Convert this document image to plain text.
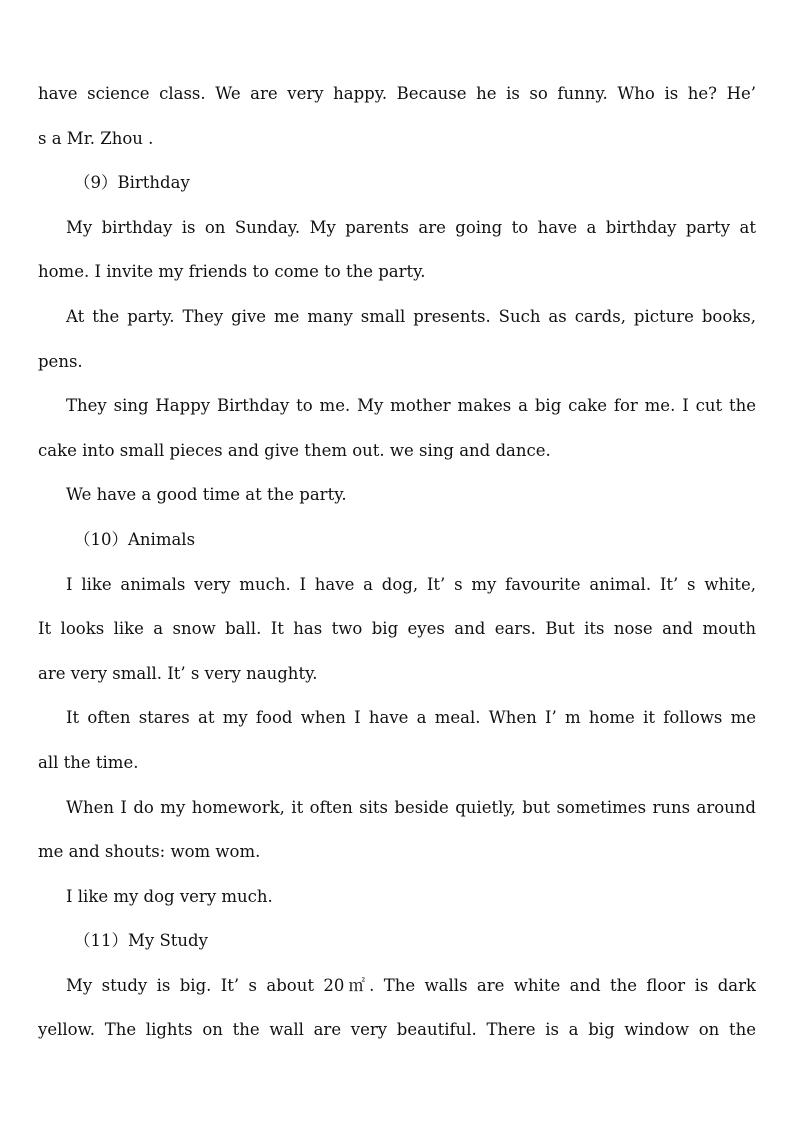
have science class. We are very happy. Because he is so funny. Who is he? He’
s a Mr. Zhou .
（9）Birthday
My birthday is on Sunday. My parents are going to have a birthday party at
home. I invite my friends to come to the party.
At the party. They give me many small presents. Such as cards, picture books,
pens.
They sing Happy Birthday to me. My mother makes a big cake for me. I cut the
cake into small pieces and give them out. we sing and dance.
We have a good time at the party.
（10）Animals
I like animals very much. I have a dog, It’ s my favourite animal. It’ s white,
It looks like a snow ball. It has two big eyes and ears. But its nose and mouth
are very small. It’ s very naughty.
It often stares at my food when I have a meal. When I’ m home it follows me
all the time.
When I do my homework, it often sits beside quietly, but sometimes runs around
me and shouts: wom wom.
I like my dog very much.
（11）My Study
My study is big. It’ s about 20㎡. The walls are white and the floor is dark
yellow. The lights on the wall are very beautiful. There is a big window on the
